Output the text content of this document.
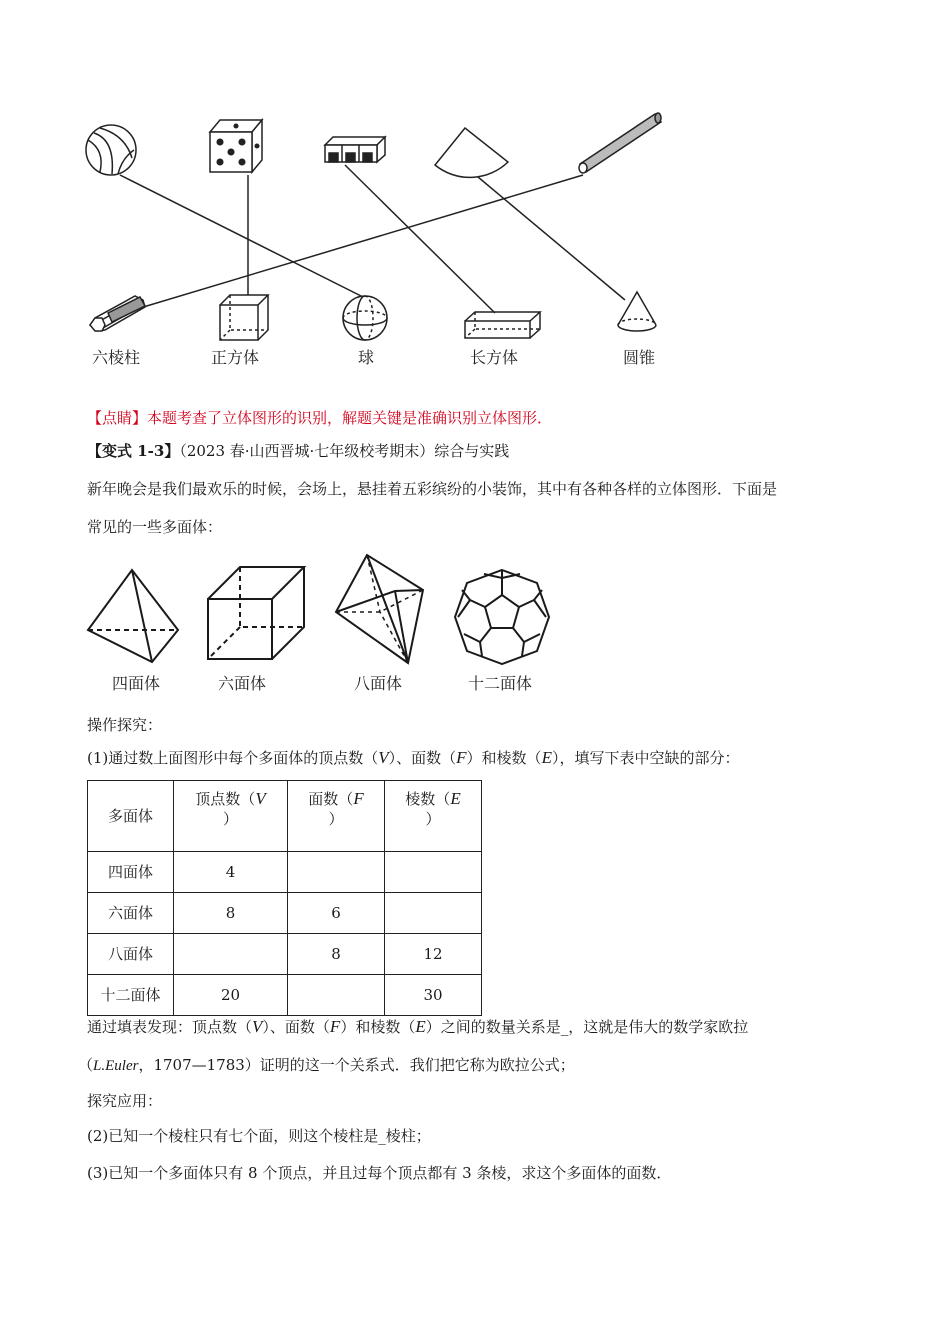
六棱柱	正方体	球	长方体	圆锥
【点睛】本题考查了立体图形的识别，解题关键是准确识别立体图形．
【变式 1-3】（2023 春·山西晋城·七年级校考期末）综合与实践
新年晚会是我们最欢乐的时候，会场上，悬挂着五彩缤纷的小装饰，其中有各种各样的立体图形．下面是
常见的一些多面体：
四面体	六面体	八面体	十二面体
操作探究：
(1)通过数上面图形中每个多面体的顶点数（V）、面数（F）和棱数（E），填写下表中空缺的部分：
多面体	顶点数（V
）	面数（F
）	棱数（E
）
四面体	4		
六面体	8	6	
八面体		8	12
十二面体	20		30
通过填表发现：顶点数（V）、面数（F）和棱数（E）之间的数量关系是_，这就是伟大的数学家欧拉
（L.Euler，1707—1783）证明的这一个关系式．我们把它称为欧拉公式；
探究应用：
(2)已知一个棱柱只有七个面，则这个棱柱是_棱柱；
(3)已知一个多面体只有 8 个顶点，并且过每个顶点都有 3 条棱，求这个多面体的面数．
